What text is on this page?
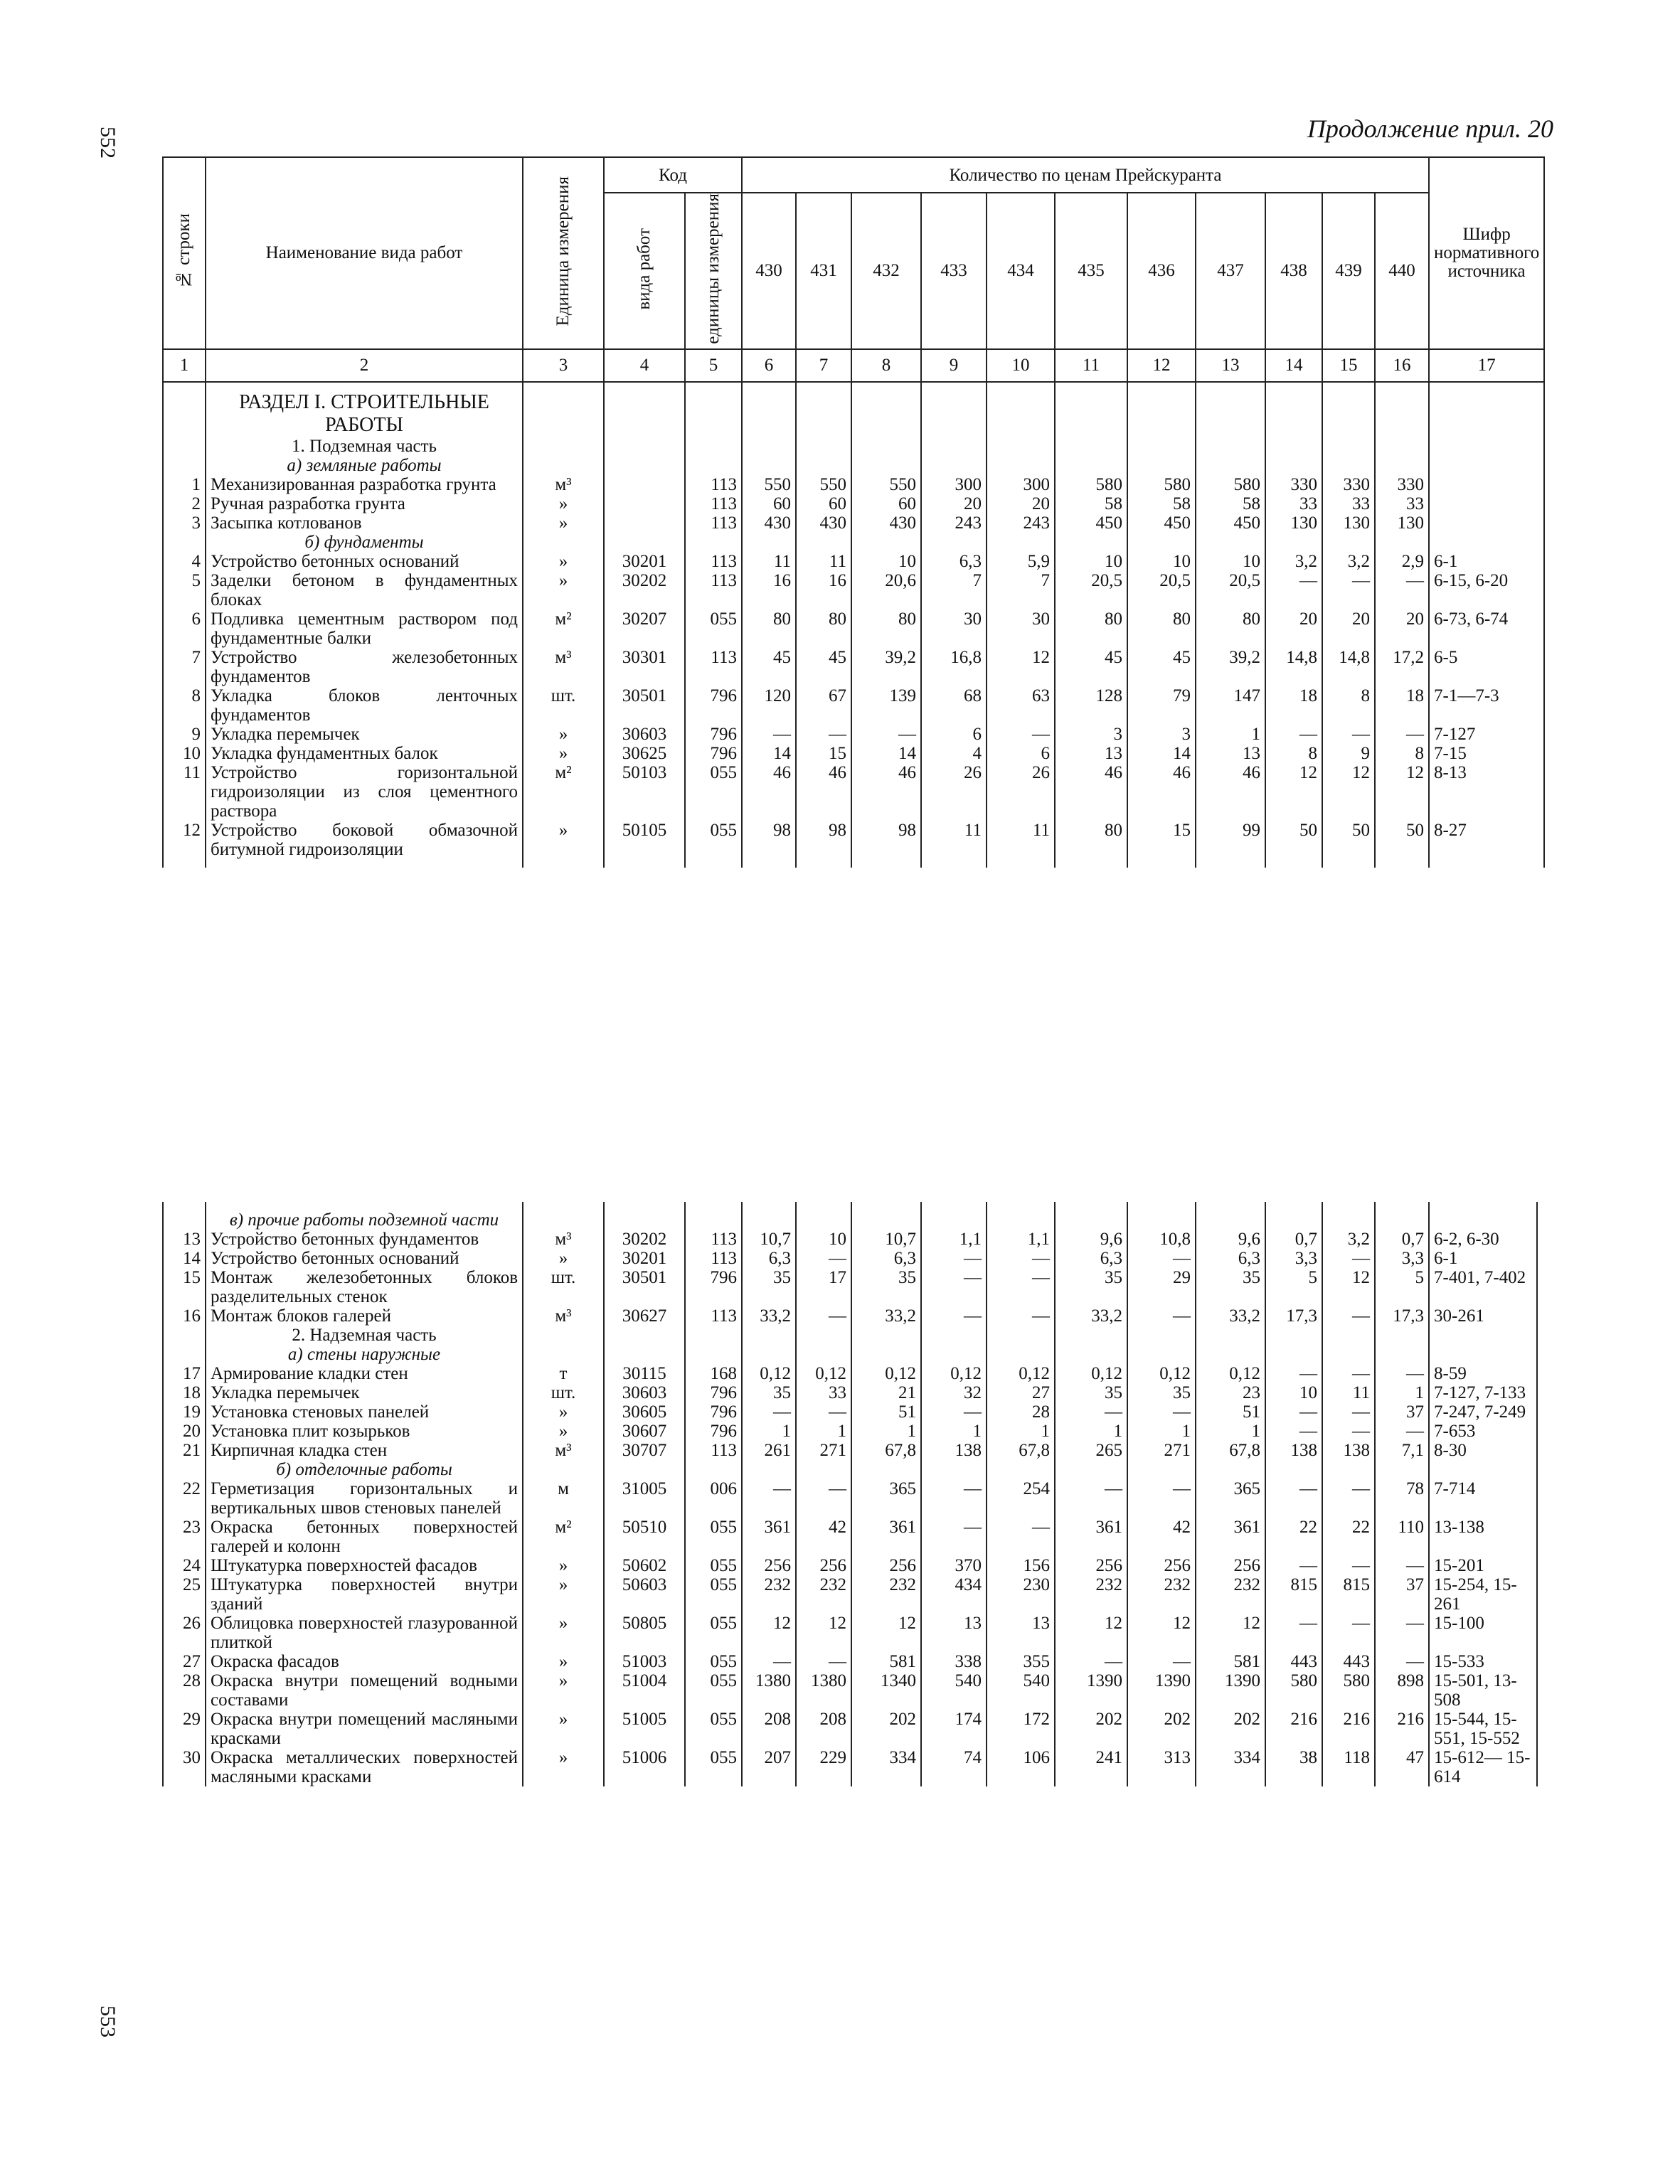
552
553
Продолжение прил. 20
№ строки	Наименование вида работ	Единица измерения	Код		Количество по ценам Прейскуранта											Шифр нормативного источника
			вида работ	единицы измерения	430	431	432	433	434	435	436	437	438	439	440	
1	2	3	4	5	6	7	8	9	10	11	12	13	14	15	16	17

	РАЗДЕЛ I. СТРОИТЕЛЬНЫЕ РАБОТЫ															
	1. Подземная часть															
	а) земляные работы															
1	Механизированная разработка грунта	м³		113	550	550	550	300	300	580	580	580	330	330	330	
2	Ручная разработка грунта	»		113	60	60	60	20	20	58	58	58	33	33	33	
3	Засыпка котлованов	»		113	430	430	430	243	243	450	450	450	130	130	130	
	б) фундаменты															
4	Устройство бетонных оснований	»	30201	113	11	11	10	6,3	5,9	10	10	10	3,2	3,2	2,9	6-1
5	Заделки бетоном в фундаментных блоках	»	30202	113	16	16	20,6	7	7	20,5	20,5	20,5	—	—	—	6-15, 6-20
6	Подливка цементным раствором под фундаментные балки	м²	30207	055	80	80	80	30	30	80	80	80	20	20	20	6-73, 6-74
7	Устройство железобетонных фундаментов	м³	30301	113	45	45	39,2	16,8	12	45	45	39,2	14,8	14,8	17,2	6-5
8	Укладка блоков ленточных фундаментов	шт.	30501	796	120	67	139	68	63	128	79	147	18	8	18	7-1—7-3
9	Укладка перемычек	»	30603	796	—	—	—	6	—	3	3	1	—	—	—	7-127
10	Укладка фундаментных балок	»	30625	796	14	15	14	4	6	13	14	13	8	9	8	7-15
11	Устройство горизонтальной гидроизоляции из слоя цементного раствора	м²	50103	055	46	46	46	26	26	46	46	46	12	12	12	8-13
12	Устройство боковой обмазочной битумной гидроизоляции	»	50105	055	98	98	98	11	11	80	15	99	50	50	50	8-27

	в) прочие работы подземной части															
13	Устройство бетонных фундаментов	м³	30202	113	10,7	10	10,7	1,1	1,1	9,6	10,8	9,6	0,7	3,2	0,7	6-2, 6-30
14	Устройство бетонных оснований	»	30201	113	6,3	—	6,3	—	—	6,3	—	6,3	3,3	—	3,3	6-1
15	Монтаж железобетонных блоков разделительных стенок	шт.	30501	796	35	17	35	—	—	35	29	35	5	12	5	7-401, 7-402
16	Монтаж блоков галерей	м³	30627	113	33,2	—	33,2	—	—	33,2	—	33,2	17,3	—	17,3	30-261
	2. Надземная часть															
	а) стены наружные															
17	Армирование кладки стен	т	30115	168	0,12	0,12	0,12	0,12	0,12	0,12	0,12	0,12	—	—	—	8-59
18	Укладка перемычек	шт.	30603	796	35	33	21	32	27	35	35	23	10	11	1	7-127, 7-133
19	Установка стеновых панелей	»	30605	796	—	—	51	—	28	—	—	51	—	—	37	7-247, 7-249
20	Установка плит козырьков	»	30607	796	1	1	1	1	1	1	1	1	—	—	—	7-653
21	Кирпичная кладка стен	м³	30707	113	261	271	67,8	138	67,8	265	271	67,8	138	138	7,1	8-30
	б) отделочные работы															
22	Герметизация горизонтальных и вертикальных швов стеновых панелей	м	31005	006	—	—	365	—	254	—	—	365	—	—	78	7-714
23	Окраска бетонных поверхностей галерей и колонн	м²	50510	055	361	42	361	—	—	361	42	361	22	22	110	13-138
24	Штукатурка поверхностей фасадов	»	50602	055	256	256	256	370	156	256	256	256	—	—	—	15-201
25	Штукатурка поверхностей внутри зданий	»	50603	055	232	232	232	434	230	232	232	232	815	815	37	15-254, 15-261
26	Облицовка поверхностей глазурованной плиткой	»	50805	055	12	12	12	13	13	12	12	12	—	—	—	15-100
27	Окраска фасадов	»	51003	055	—	—	581	338	355	—	—	581	443	443	—	15-533
28	Окраска внутри помещений водными составами	»	51004	055	1380	1380	1340	540	540	1390	1390	1390	580	580	898	15-501, 13-508
29	Окраска внутри помещений масляными красками	»	51005	055	208	208	202	174	172	202	202	202	216	216	216	15-544, 15-551, 15-552
30	Окраска металлических поверхностей масляными красками	»	51006	055	207	229	334	74	106	241	313	334	38	118	47	15-612— 15-614
